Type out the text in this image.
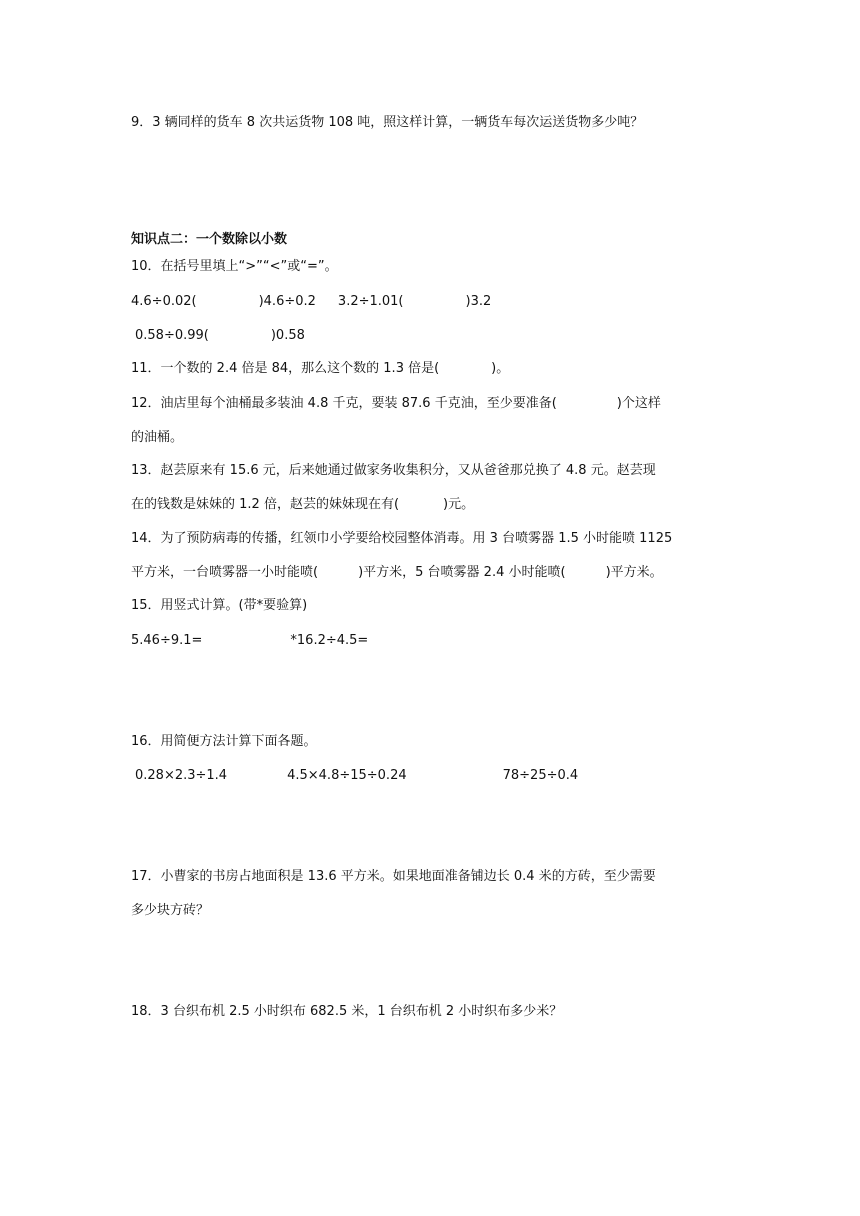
9．3 辆同样的货车 8 次共运货物 108 吨，照这样计算，一辆货车每次运送货物多少吨？
知识点二：一个数除以小数
10．在括号里填上“>”“<”或“=”。
4.6÷0.02(	)4.6÷0.2 3.2÷1.01(	)3.2
0.58÷0.99(	)0.58
11．一个数的 2.4 倍是 84，那么这个数的 1.3 倍是(	)。
12．油店里每个油桶最多装油 4.8 千克，要装 87.6 千克油，至少要准备(	)个这样
的油桶。
13．赵芸原来有 15.6 元，后来她通过做家务收集积分，又从爸爸那兑换了 4.8 元。赵芸现
在的钱数是妹妹的 1.2 倍，赵芸的妹妹现在有(	)元。
14．为了预防病毒的传播，红领巾小学要给校园整体消毒。用 3 台喷雾器 1.5 小时能喷 1125
平方米，一台喷雾器一小时能喷(	)平方米，5 台喷雾器 2.4 小时能喷(	)平方米。
15．用竖式计算。(带*要验算)
5.46÷9.1=	*16.2÷4.5=
16．用简便方法计算下面各题。
0.28×2.3÷1.4	4.5×4.8÷15÷0.24	78÷25÷0.4
17．小曹家的书房占地面积是 13.6 平方米。如果地面准备铺边长 0.4 米的方砖，至少需要
多少块方砖？
18．3 台织布机 2.5 小时织布 682.5 米，1 台织布机 2 小时织布多少米？
